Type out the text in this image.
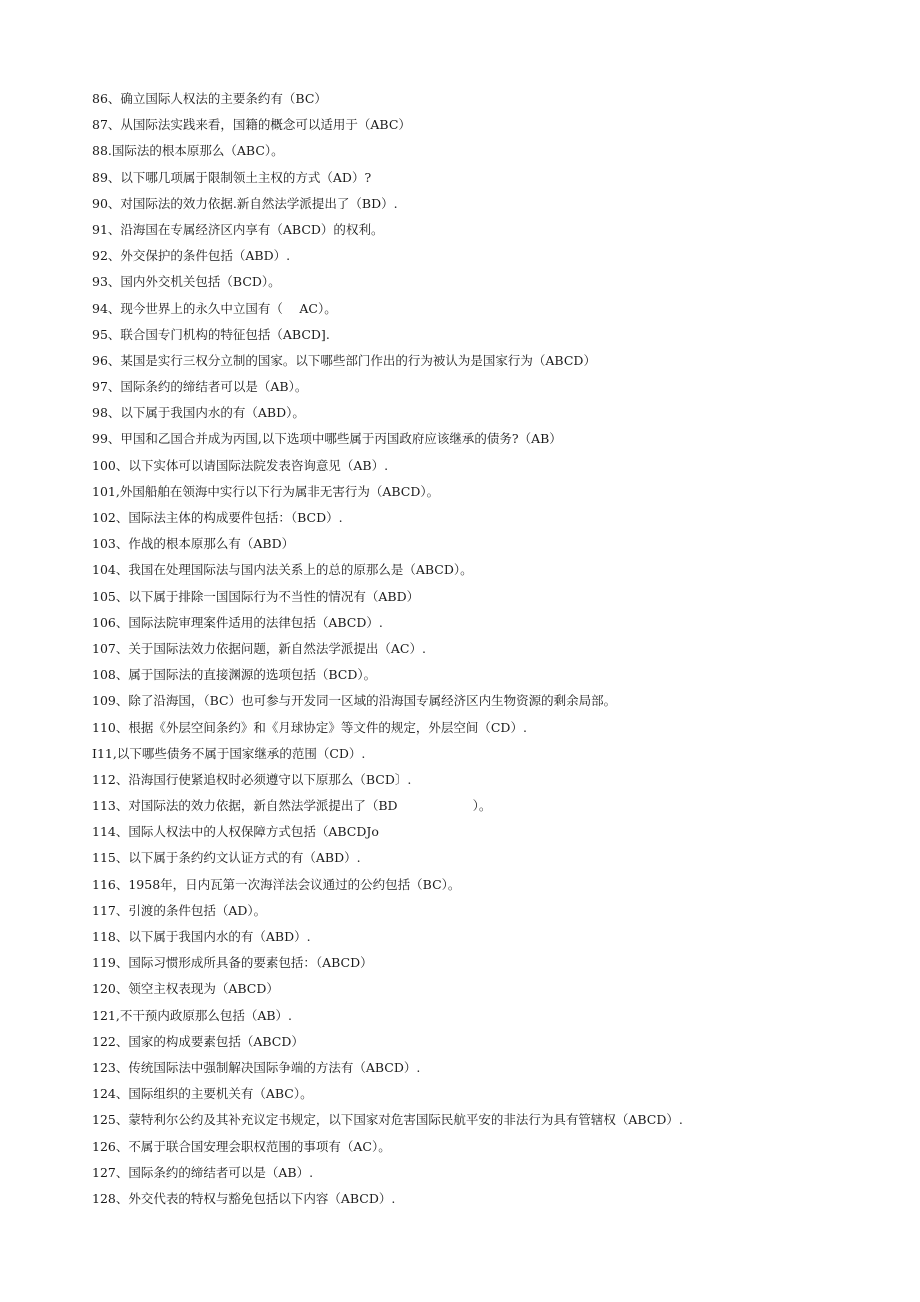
86、确立国际人权法的主要条约有（BC）
87、从国际法实践来看，国籍的概念可以适用于（ABC）
88.国际法的根本原那么（ABC）。
89、以下哪几项属于限制领土主权的方式（AD）?
90、对国际法的效力依据.新自然法学派提出了（BD）.
91、沿海国在专属经济区内享有（ABCD）的权利。
92、外交保护的条件包括（ABD）.
93、国内外交机关包括（BCD）。
94、现今世界上的永久中立国有（　 AC）。
95、联合国专门机构的特征包括（ABCD].
96、某国是实行三权分立制的国家。以下哪些部门作出的行为被认为是国家行为（ABCD）
97、国际条约的缔结者可以是（AB）。
98、以下属于我国内水的有（ABD）。
99、甲国和乙国合并成为丙国,以下选项中哪些属于丙国政府应该继承的债务?（AB）
100、以下实体可以请国际法院发表咨询意见（AB）.
101,外国船舶在领海中实行以下行为属非无害行为（ABCD）。
102、国际法主体的构成要件包括：（BCD）.
103、作战的根本原那么有（ABD）
104、我国在处理国际法与国内法关系上的总的原那么是（ABCD）。
105、以下属于排除一国国际行为不当性的情况有（ABD）
106、国际法院审理案件适用的法律包括（ABCD）.
107、关于国际法效力依据问题，新自然法学派提出（AC）.
108、属于国际法的直接渊源的选项包括（BCD）。
109、除了沿海国，（BC）也可参与开发同一区域的沿海国专属经济区内生物资源的剩余局部。
110、根据《外层空间条约》和《月球协定》等文件的规定，外层空间（CD）.
I11,以下哪些债务不属于国家继承的范围（CD）.
112、沿海国行使紧追权时必须遵守以下原那么（BCD〕.
113、对国际法的效力依据，新自然法学派提出了（BD　　　　　　）。
114、国际人权法中的人权保障方式包括（ABCDJo
115、以下属于条约约文认证方式的有（ABD）.
116、1958年，日内瓦第一次海洋法会议通过的公约包括（BC）。
117、引渡的条件包括（AD）。
118、以下属于我国内水的有（ABD）.
119、国际习惯形成所具备的要素包括：（ABCD）
120、领空主权表现为（ABCD）
121,不干预内政原那么包括（AB）.
122、国家的构成要素包括（ABCD）
123、传统国际法中强制解决国际争端的方法有（ABCD）.
124、国际组织的主要机关有（ABC）。
125、蒙特利尔公约及其补充议定书规定，以下国家对危害国际民航平安的非法行为具有管辖权（ABCD）.
126、不属于联合国安理会职权范围的事项有（AC）。
127、国际条约的缔结者可以是（AB）.
128、外交代表的特权与豁免包括以下内容（ABCD）.
